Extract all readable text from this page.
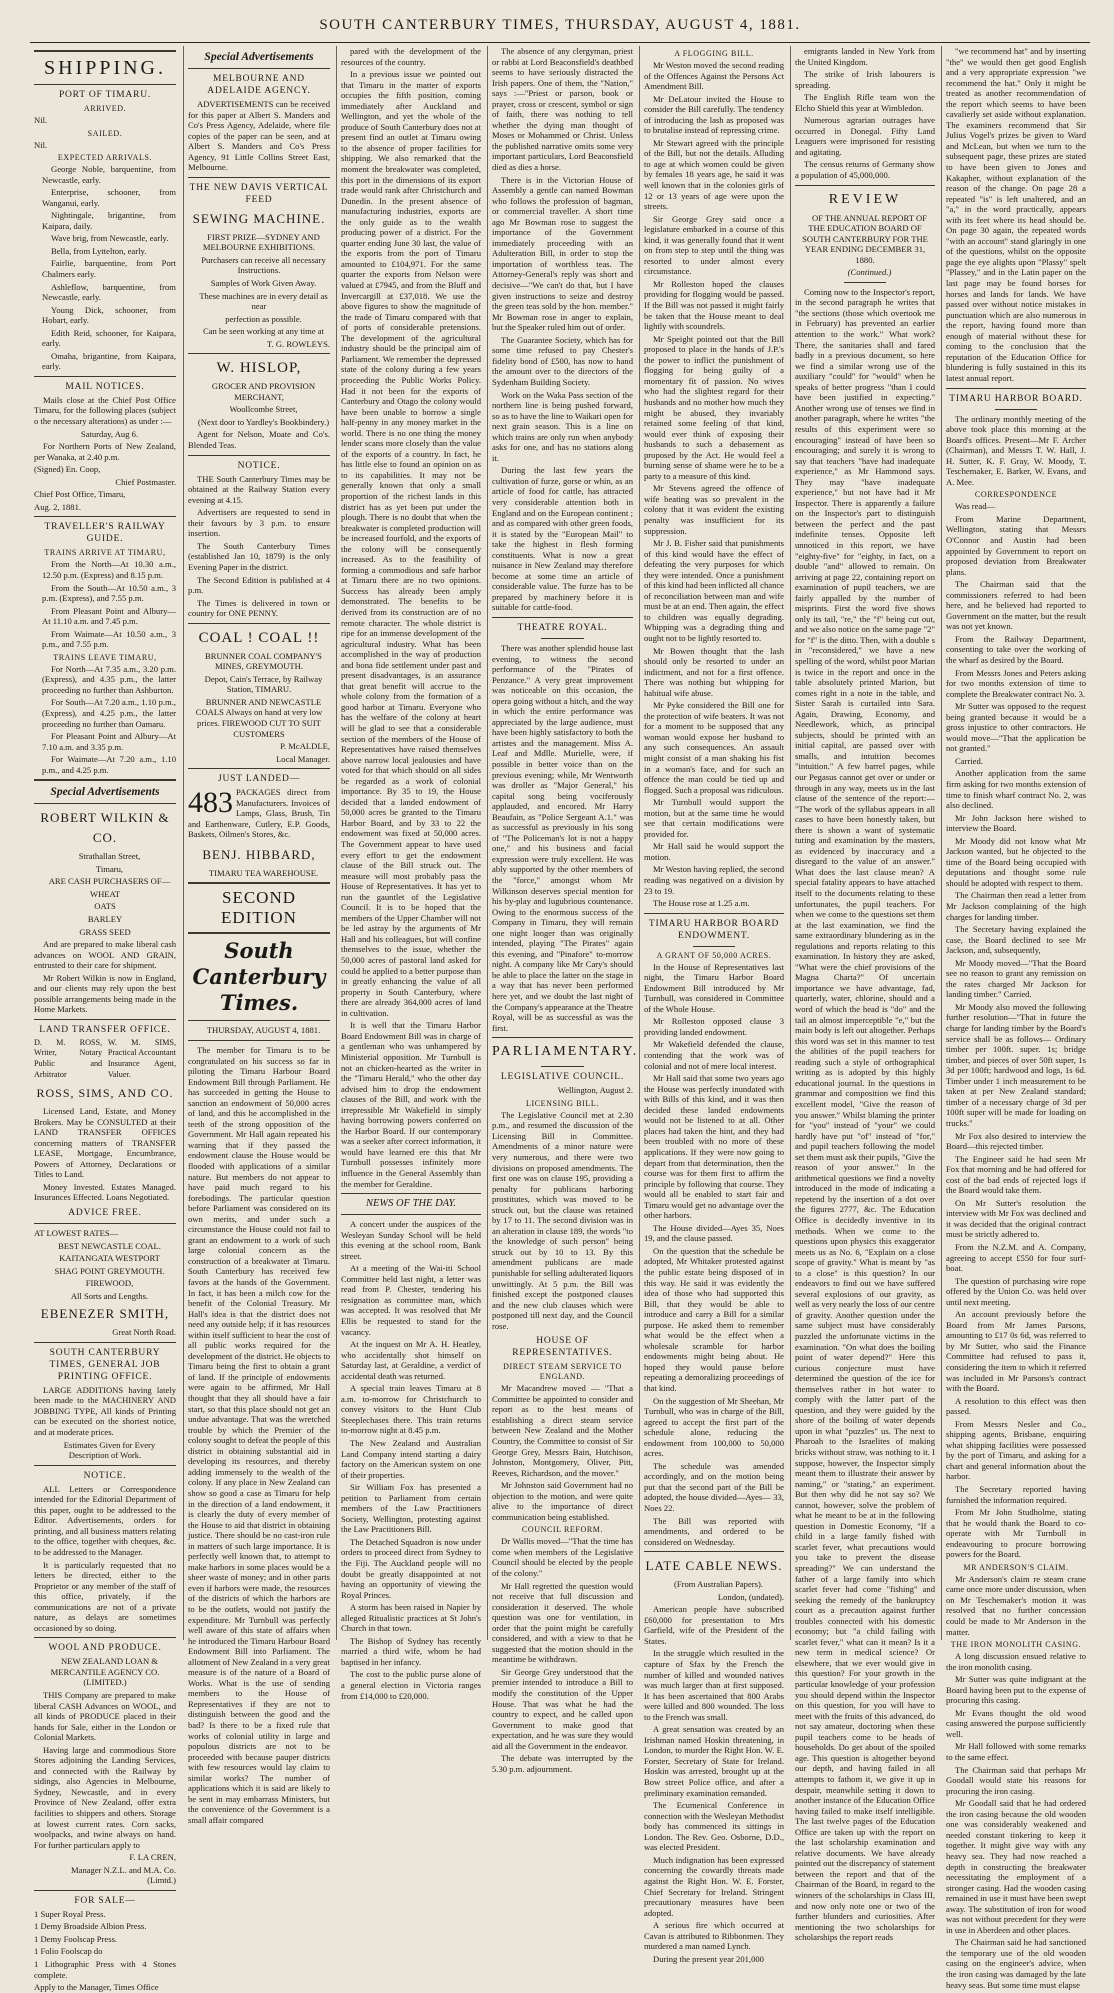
SOUTH CANTERBURY TIMES, THURSDAY, AUGUST 4, 1881.
SHIPPING.
PORT OF TIMARU.
ARRIVED.

Nil.

SAILED.

Nil.

EXPECTED ARRIVALS.

George Noble, barquentine, from Newcastle, early.

Enterprise, schooner, from Wanganui, early.

Nightingale, brigantine, from Kaipara, daily.

Wave brig, from Newcastle, early.

Bella, from Lyttelton, early.

Fairlie, barquentine, from Port Chalmers early.

Ashleflow, barquentine, from Newcastle, early.

Young Dick, schooner, from Hobart, early.

Edith Reid, schooner, for Kaipara, early.

Omaha, brigantine, from Kaipara, early.

MAIL NOTICES.

Mails close at the Chief Post Office Timaru, for the following places (subject o the necessary alterations) as under :—

Saturday, Aug 6.

For Northern Ports of New Zealand, per Wanaka, at 2.40 p.m.

(Signed) En. Coop,

Chief Postmaster.

Chief Post Office, Timaru,

Aug. 2, 1881.

TRAVELLER'S RAILWAY GUIDE.
TRAINS ARRIVE AT TIMARU,

From the North—At 10.30 a.m., 12.50 p.m. (Express) and 8.15 p.m.

From the South—At 10.50 a.m., 3 p.m. (Express), and 7.55 p.m.

From Pleasant Point and Albury—At 11.10 a.m. and 7.45 p.m.

From Waimate—At 10.50 a.m., 3 p.m., and 7.55 p.m.

TRAINS LEAVE TIMARU,

For North—At 7.35 a.m., 3.20 p.m. (Express), and 4.35 p.m., the latter proceeding no further than Ashburton.

For South—At 7.20 a.m., 1.10 p.m., (Express), and 4.25 p.m., the latter proceeding no further than Oamaru.

For Pleasant Point and Albury—At 7.10 a.m. and 3.35 p.m.

For Waimate—At 7.20 a.m., 1.10 p.m., and 4.25 p.m.

Special Advertisements
ROBERT WILKIN & CO.

Strathallan Street,

Timaru,

ARE CASH PURCHASERS OF—

WHEAT

OATS

BARLEY

GRASS SEED

And are prepared to make liberal cash advances on WOOL AND GRAIN, entrusted to their care for shipment.

Mr Robert Wilkin is now in England, and our clients may rely upon the best possible arrangements being made in the Home Markets.

LAND TRANSFER OFFICE.
D. M. ROSS, Writer, Notary Public and Arbitrator
W. M. SIMS, Practical Accountant Insurance Agent, Valuer.
ROSS, SIMS, AND CO.

Licensed Land, Estate, and Money Brokers. May be CONSULTED at their LAND TRANSFER OFFICES concerning matters of TRANSFER LEASE, Mortgage, Encumbrance, Powers of Attorney, Declarations or Titles to Land.

Money Invested. Estates Managed. Insurances Effected. Loans Negotiated.

ADVICE FREE.

AT LOWEST RATES—

BEST NEWCASTLE COAL.

KAITANGATA WESTPORT

SHAG POINT GREYMOUTH.

FIREWOOD,

All Sorts and Lengths.

EBENEZER SMITH,

Great North Road.

SOUTH CANTERBURY TIMES, GENERAL JOB PRINTING OFFICE.

LARGE ADDITIONS having lately been made to the MACHINERY AND JOBBING TYPE, All kinds of Printing can be executed on the shortest notice, and at moderate prices.

Estimates Given for Every Description of Work.

NOTICE.

ALL Letters or Correspondence intended for the Editorial Department of this paper, ought to be addressed to the Editor. Advertisements, orders for printing, and all business matters relating to the office, together with cheques, &c. to be addressed to the Manager.

It is particularly requested that no letters be directed, either to the Proprietor or any member of the staff of this office, privately, if the communications are not of a private nature, as delays are sometimes occasioned by so doing.

WOOL AND PRODUCE.

NEW ZEALAND LOAN & MERCANTILE AGENCY CO. (LIMITED.)

THIS Company are prepared to make liberal CASH Advances on WOOL, and all kinds of PRODUCE placed in their hands for Sale, either in the London or Colonial Markets.

Having large and commodious Store Stores adjoining the Landing Services, and connected with the Railway by sidings, also Agencies in Melbourne, Sydney, Newcastle, and in every Province of New Zealand, offer extra facilities to shippers and others. Storage at lowest current rates. Corn sacks, woolpacks, and twine always on hand. For further particulars apply to

F. LA CREN,

Manager N.Z.L. and M.A. Co. (Limtd.)

FOR SALE—

1 Super Royal Press.

1 Demy Broadside Albion Press.

1 Demy Foolscap Press.

1 Folio Foolscap do

1 Lithographic Press with 4 Stones complete.

Apply to the Manager, Times Office

Special Advertisements
MELBOURNE AND ADELAIDE AGENCY.

ADVERTISEMENTS can be received for this paper at Albert S. Manders and Co's Press Agency, Adelaide, where file copies of the paper can be seen, and at Albert S. Manders and Co's Press Agency, 91 Little Collins Street East, Melbourne.

THE NEW DAVIS VERTICAL FEED
SEWING MACHINE.

FIRST PRIZE—SYDNEY AND MELBOURNE EXHIBITIONS.

Purchasers can receive all necessary Instructions.

Samples of Work Given Away.

These machines are in every detail as near

perfection as possible.

Can be seen working at any time at

T. G. ROWLEYS.

W. HISLOP,

GROCER AND PROVISION MERCHANT,

Woollcombe Street,

(Next door to Yardley's Bookbindery.)

Agent for Nelson, Moate and Co's. Blended Teas.

NOTICE.

THE South Canterbury Times may be obtained at the Railway Station every evening at 4.15.

Advertisers are requested to send in their favours by 3 p.m. to ensure insertion.

The South Canterbury Times (established Jan 10, 1879) is the only Evening Paper in the district.

The Second Edition is published at 4 p.m.

The Times is delivered in town or country for ONE PENNY.

COAL ! COAL !!

BRUNNER COAL COMPANY'S MINES, GREYMOUTH.

Depot, Cain's Terrace, by Railway Station, TIMARU.

BRUNNER AND NEWCASTLE COALS Always on hand at very low prices. FIREWOOD CUT TO SUIT CUSTOMERS

P. McALDLE,

Local Manager.

JUST LANDED—

483 PACKAGES direct from Manufacturers. Invoices of Lamps, Glass, Brush, Tin and Earthenware, Cutlery, E.P. Goods, Baskets, Oilmen's Stores, &c.

BENJ. HIBBARD,

TIMARU TEA WAREHOUSE.

SECOND EDITION
South Canterbury Times.

THURSDAY, AUGUST 4, 1881.

The member for Timaru is to be congratulated on his success so far in piloting the Timaru Harbour Board Endowment Bill through Parliament. He has succeeded in getting the House to sanction an endowment of 50,000 acres of land, and this he accomplished in the teeth of the strong opposition of the Government. Mr Hall again repeated his warning that if they passed the endowment clause the House would be flooded with applications of a similar nature. But members do not appear to have paid much regard to his forebodings. The particular question before Parliament was considered on its own merits, and under such a circumstance the House could not fail to grant an endowment to a work of such large colonial concern as the construction of a breakwater at Timaru. South Canterbury has received few favors at the hands of the Government. In fact, it has been a milch cow for the benefit of the Colonial Treasury. Mr Hall's idea is that the district does not need any outside help; if it has resources within itself sufficient to bear the cost of all public works required for the development of the district. He objects to Timaru being the first to obtain a grant of land. If the principle of endowments were again to be affirmed, Mr Hall thought that they all should have a fair start, so that this place should not get an undue advantage. That was the wretched trouble by which the Premier of the colony sought to defeat the people of this district in obtaining substantial aid in developing its resources, and thereby adding immensely to the wealth of the colony. If any place in New Zealand can show so good a case as Timaru for help in the direction of a land endowment, it is clearly the duty of every member of the House to aid that district in obtaining justice. There should be no cast-iron rule in matters of such large importance. It is perfectly well known that, to attempt to make harbors in some places would be a sheer waste of money; and in other parts even if harbors were made, the resources of the districts of which the harbors are to be the outlets, would not justify the expenditure. Mr Turnbull was perfectly well aware of this state of affairs when he introduced the Timaru Harbour Board Endowment Bill into Parliament. The allotment of New Zealand in a very great measure is of the nature of a Board of Works. What is the use of sending members to the House of Representatives if they are not to distinguish between the good and the bad? Is there to be a fixed rule that works of colonial utility in large and populous districts are not to be proceeded with because pauper districts with few resources would lay claim to similar works? The number of applications which it is said are likely to be sent in may embarrass Ministers, but the convenience of the Government is a small affair compared

pared with the development of the resources of the country.

In a previous issue we pointed out that Timaru in the matter of exports occupies the fifth position, coming immediately after Auckland and Wellington, and yet the whole of the produce of South Canterbury does not at present find an outlet at Timaru owing to the absence of proper facilities for shipping. We also remarked that the moment the breakwater was completed, this port in the dimensions of its export trade would rank after Christchurch and Dunedin. In the present absence of manufacturing industries, exports are the only guide as to the wealth producing power of a district. For the quarter ending June 30 last, the value of the exports from the port of Timaru amounted to £104,971. For the same quarter the exports from Nelson were valued at £7945, and from the Bluff and Invercargill at £37,018. We use the above figures to show the magnitude of the trade of Timaru compared with that of ports of considerable pretensions. The development of the agricultural industry should be the principal aim of Parliament. We remember the depressed state of the colony during a few years proceeding the Public Works Policy. Had it not been for the exports of Canterbury and Otago the colony would have been unable to borrow a single half-penny in any money market in the world. There is no one thing the money lender scans more closely than the value of the exports of a country. In fact, he has little else to found an opinion on as to its capabilities. It may not be generally known that only a small proportion of the richest lands in this district has as yet been put under the plough. There is no doubt that when the breakwater is completed production will be increased fourfold, and the exports of the colony will be consequently increased. As to the feasibility of forming a commodious and safe harbor at Timaru there are no two opinions. Success has already been amply demonstrated. The benefits to be derived from its construction are of no remote character. The whole district is ripe for an immense development of the agricultural industry. What has been accomplished in the way of production and bona fide settlement under past and present disadvantages, is an assurance that great benefit will accrue to the whole colony from the formation of a good harbor at Timaru. Everyone who has the welfare of the colony at heart will be glad to see that a considerable section of the members of the House of Representatives have raised themselves above narrow local jealousies and have voted for that which should on all sides be regarded as a work of colonial importance. By 35 to 19, the House decided that a landed endowment of 50,000 acres be granted to the Timaru Harbor Board, and by 33 to 22 the endowment was fixed at 50,000 acres. The Government appear to have used every effort to get the endowment clause of the Bill struck out. The measure will most probably pass the House of Representatives. It has yet to run the gauntlet of the Legislative Council. It is to be hoped that the members of the Upper Chamber will not be led astray by the arguments of Mr Hall and his colleagues, but will confine themselves to the issue, whether the 50,000 acres of pastoral land asked for could be applied to a better purpose than in greatly enhancing the value of all property in South Canterbury, where there are already 364,000 acres of land in cultivation.

It is well that the Timaru Harbor Board Endowment Bill was in charge of a gentleman who was unhampered by Ministerial opposition. Mr Turnbull is not an chicken-hearted as the writer in the "Timaru Herald," who the other day advised him to drop the endowment clauses of the Bill, and work with the irrepressible Mr Wakefield in simply having borrowing powers conferred on the Harbor Board. If our contemporary was a seeker after correct information, it would have learned ere this that Mr Turnbull possesses infinitely more influence in the General Assembly than the member for Geraldine.

NEWS OF THE DAY.

A concert under the auspices of the Wesleyan Sunday School will be held this evening at the school room, Bank street.

At a meeting of the Wai-iti School Committee held last night, a letter was read from P. Chester, tendering his resignation as committee man, which was accepted. It was resolved that Mr Ellis be requested to stand for the vacancy.

At the inquest on Mr A. H. Heatley, who accidentally shot himself on Saturday last, at Geraldine, a verdict of accidental death was returned.

A special train leaves Timaru at 8 a.m. to-morrow for Christchurch to convey visitors to the Hunt Club Steeplechases there. This train returns to-morrow night at 8.45 p.m.

The New Zealand and Australian Land Company intend starting a dairy factory on the American system on one of their properties.

Sir William Fox has presented a petition to Parliament from certain members of the Law Practitioners Society, Wellington, protesting against the Law Practitioners Bill.

The Detached Squadron is now under orders to proceed direct from Sydney to the Fiji. The Auckland people will no doubt be greatly disappointed at not having an opportunity of viewing the Royal Princes.

A storm has been raised in Napier by alleged Ritualistic practices at St John's Church in that town.

The Bishop of Sydney has recently married a third wife, whom he had baptised in her infancy.

The cost to the public purse alone of a general election in Victoria ranges from £14,000 to £20,000.

The absence of any clergyman, priest or rabbi at Lord Beaconsfield's deathbed seems to have seriously distracted the Irish papers. One of them, the "Nation," says :—"Priest or parson, book or prayer, cross or crescent, symbol or sign of faith, there was nothing to tell whether the dying man thought of Moses or Mohammed or Christ. Unless the published narrative omits some very important particulars, Lord Beaconsfield died as dies a horse.

There is in the Victorian House of Assembly a gentle can named Bowman who follows the profession of bagman, or commercial traveller. A short time ago Mr Bowman rose to suggest the importance of the Government immediately proceeding with an Adulteration Bill, in order to stop the importation of worthless teas. The Attorney-General's reply was short and decisive—"We can't do that, but I have given instructions to seize and destroy the green teas sold by the hon. member." Mr Bowman rose in anger to explain, but the Speaker ruled him out of order.

The Guarantee Society, which has for some time refused to pay Chester's fidelity bond of £500, has now to hand the amount over to the directors of the Sydenham Building Society.

Work on the Waka Pass section of the northern line is being pushed forward, so as to have the line to Waikari open for next grain season. This is a line on which trains are only run when anybody asks for one, and has no stations along it.

During the last few years the cultivation of furze, gorse or whin, as an article of food for cattle, has attracted very considerable attention both in England and on the European continent ; and as compared with other green foods, it is stated by the "European Mail" to take the highest in flesh forming constituents. What is now a great nuisance in New Zealand may therefore become at some time an article of considerable value. The furze has to be prepared by machinery before it is suitable for cattle-food.

THEATRE ROYAL.

There was another splendid house last evening, to witness the second performance of the "Pirates of Penzance." A very great improvement was noticeable on this occasion, the opera going without a hitch, and the way in which the entire performance was appreciated by the large audience, must have been highly satisfactory to both the artistes and the management. Miss A. Leaf and Mdlle. Murielle, were, if possible in better voice than on the previous evening; while, Mr Wentworth was droller as "Major General," his capital song being vociferously applauded, and encored. Mr Harry Beaufain, as "Police Sergeant A.1." was as successful as previously in his song of "The Policeman's lot is not a happy one," and his business and facial expression were truly excellent. He was ably supported by the other members of the "force," amongst whom Mr Wilkinson deserves special mention for his by-play and lugubrious countenance. Owing to the enormous success of the Company in Timaru, they will remain one night longer than was originally intended, playing "The Pirates" again this evening, and "Pinafore" to-morrow night. A company like Mr Cary's should be able to place the latter on the stage in a way that has never been performed here yet, and we doubt the last night of the Company's appearance at the Theatre Royal, will be as successful as was the first.

PARLIAMENTARY.
LEGISLATIVE COUNCIL.

Wellington, August 2.

LICENSING BILL.

The Legislative Council met at 2.30 p.m., and resumed the discussion of the Licensing Bill in Committee. Amendments of a minor nature were very numerous, and there were two divisions on proposed amendments. The first one was on clause 195, providing a penalty for publicans harboring prostitutes, which was moved to be struck out, but the clause was retained by 17 to 11. The second division was in an alteration in clause 189, the words "to the knowledge of such person" being struck out by 10 to 13. By this amendment publicans are made punishable for selling adulterated liquors unwittingly. At 5 p.m. the Bill was finished except the postponed clauses and the new club clauses which were postponed till next day, and the Council rose.

HOUSE OF REPRESENTATIVES.
DIRECT STEAM SERVICE TO ENGLAND.

Mr Macandrew moved — "That a Committee be appointed to consider and report as to the best means of establishing a direct steam service between New Zealand and the Mother Country, the Committee to consist of Sir George Grey, Messrs Bain, Hutchison, Johnston, Montgomery, Oliver, Pitt, Reeves, Richardson, and the mover."

Mr Johnston said Government had no objection to the motion, and were quite alive to the importance of direct communication being established.

COUNCIL REFORM.

Dr Wallis moved—"That the time has come when members of the Legislative Council should be elected by the people of the colony."

Mr Hall regretted the question would not receive that full discussion and consideration it deserved. The whole question was one for ventilation, in order that the point might be carefully considered, and with a view to that he suggested that the motion should in the meantime be withdrawn.

Sir George Grey understood that the premier intended to introduce a Bill to modify the constitution of the Upper House. That was what he had the country to expect, and he called upon Government to make good that expectation, and he was sure they would aid all the Government in the endeavor.

The debate was interrupted by the 5.30 p.m. adjournment.

A FLOGGING BILL.

Mr Weston moved the second reading of the Offences Against the Persons Act Amendment Bill.

Mr DeLatour invited the House to consider the Bill carefully. The tendency of introducing the lash as proposed was to brutalise instead of repressing crime.

Mr Stewart agreed with the principle of the Bill, but not the details. Alluding to age at which women could be given by females 18 years age, he said it was well known that in the colonies girls of 12 or 13 years of age were upon the streets.

Sir George Grey said once a legislature embarked in a course of this kind, it was generally found that it went on from step to step until the thing was resorted to under almost every circumstance.

Mr Rolleston hoped the clauses providing for flogging would be passed. If the Bill was not passed it might fairly be taken that the House meant to deal lightly with scoundrels.

Mr Speight pointed out that the Bill proposed to place in the hands of J.P.'s the power to inflict the punishment of flogging for being guilty of a momentary fit of passion. No wives who had the slightest regard for their husbands and no mother how much they might be abused, they invariably retained some feeling of that kind, would ever think of exposing their husbands to such a debasement as proposed by the Act. He would feel a burning sense of shame were he to be a party to a measure of this kind.

Mr Stevens agreed the offence of wife beating was so prevalent in the colony that it was evident the existing penalty was insufficient for its suppression.

Mr J. B. Fisher said that punishments of this kind would have the effect of defeating the very purposes for which they were intended. Once a punishment of this kind had been inflicted all chance of reconciliation between man and wife must be at an end. Then again, the effect to children was equally degrading. Whipping was a degrading thing and ought not to be lightly resorted to.

Mr Bowen thought that the lash should only be resorted to under an indictment, and not for a first offence. There was nothing but whipping for habitual wife abuse.

Mr Pyke considered the Bill one for the protection of wife beaters. It was not for a moment to be supposed that any woman would expose her husband to any such consequences. An assault might consist of a man shaking his fist in a woman's face, and for such an offence the man could be tied up and flogged. Such a proposal was ridiculous.

Mr Turnbull would support the motion, but at the same time he would see that certain modifications were provided for.

Mr Hall said he would support the motion.

Mr Weston having replied, the second reading was negatived on a division by 23 to 19.

The House rose at 1.25 a.m.

TIMARU HARBOR BOARD ENDOWMENT.
A GRANT OF 50,000 ACRES.

In the House of Representatives last night, the Timaru Harbor Board Endowment Bill introduced by Mr Turnbull, was considered in Committee of the Whole House.

Mr Rolleston opposed clause 3 providing landed endowment.

Mr Wakefield defended the clause, contending that the work was of colonial and not of mere local interest.

Mr Hall said that some two years ago the House was perfectly inundated with with Bills of this kind, and it was then decided these landed endowments would not be listened to at all. Other places had taken the hint, and they had been troubled with no more of these applications. If they were now going to depart from that determination, then the course was for them first to affirm the principle by following that course. They would all be enabled to start fair and Timaru would get no advantage over the other harbors.

The House divided—Ayes 35, Noes 19, and the clause passed.

On the question that the schedule be adopted, Mr Whitaker protested against the public estate being disposed of in this way. He said it was evidently the idea of those who had supported this Bill, that they would be able to introduce and carry a Bill for a similar purpose. He asked them to remember what would be the effect when a wholesale scramble for harbor endowments might being about. He hoped they would pause before repeating a demoralizing proceedings of that kind.

On the suggestion of Mr Sheehan, Mr Turnbull, who was in charge of the Bill, agreed to accept the first part of the schedule alone, reducing the endowment from 100,000 to 50,000 acres.

The schedule was amended accordingly, and on the motion being put that the second part of the Bill be adopted, the house divided—Ayes— 33, Noes 22.

The Bill was reported with amendments, and ordered to be considered on Wednesday.

LATE CABLE NEWS.

(From Australian Papers).

London, (undated).

American people have subscribed £60,000 for presentation to Mrs Garfield, wife of the President of the States.

In the struggle which resulted in the capture of Sfax by the French the number of killed and wounded natives was much larger than at first supposed. It has been ascertained that 800 Arabs were killed and 800 wounded. The loss to the French was small.

A great sensation was created by an Irishman named Hoskin threatening, in London, to murder the Right Hon. W. E. Forster, Secretary of State for Ireland. Hoskin was arrested, brought up at the Bow street Police office, and after a preliminary examination remanded.

The Ecumenical Conference in connection with the Wesleyan Methodist body has commenced its sittings in London. The Rev. Geo. Osborne, D.D., was elected President.

Much indignation has been expressed concerning the cowardly threats made against the Right Hon. W. E. Forster, Chief Secretary for Ireland. Stringent precautionary measures have been adopted.

A serious fire which occurred at Cavan is attributed to Ribbonmen. They murdered a man named Lynch.

During the present year 201,000

emigrants landed in New York from the United Kingdom.

The strike of Irish labourers is spreading.

The English Rifle team won the Elcho Shield this year at Wimbledon.

Numerous agrarian outrages have occurred in Donegal. Fifty Land Leaguers were imprisoned for resisting and agitating.

The census returns of Germany show a population of 45,000,000.

REVIEW

OF THE ANNUAL REPORT OF THE EDUCATION BOARD OF SOUTH CANTERBURY FOR THE YEAR ENDING DECEMBER 31, 1880.

(Continued.)

Coming now to the Inspector's report, in the second paragraph he writes that "the sections (those which overtook me in February) has prevented an earlier attention to the work." What work? There, the sanitaries shall and fared badly in a previous document, so here we find a similar wrong use of the auxiliary "could" for "would" when he speaks of better progress "than I could have been justified in expecting." Another wrong use of tenses we find in another paragraph, where he writes "the results of this experiment were so encouraging" instead of have been so encouraging; and surely it is wrong to say that teachers "have had inadequate experience," as Mr Hammond says. They may "have inadequate experience," but not have had it Mr Inspector. There is apparently a failure on the Inspector's part to distinguish between the perfect and the past indefinite tenses. Opposite left unnoticed in this report, we have "eighty-five" for "eighty, in fact, on a double "and" allowed to remain. On arriving at page 22, containing report on examination of pupil teachers, we are fairly appalled by the number of misprints. First the word five shows only its tail, "re," the "f" being cut out, and we also notice on the same page "2" for "f" is the ditto. Then, with a double s in "reconsidered," we have a new spelling of the word, whilst poor Marian is twice in the report and once in the table absolutely printed Marion, but comes right in a note in the table, and Sister Sarah is curtailed into Sara. Again, Drawing, Economy, and Needlework, which, as principal subjects, should be printed with an initial capital, are passed over with smalls, and intuition becomes "intuition." A few barrel pages, while our Pegasus cannot get over or under or through in any way, meets us in the last clause of the sentence of the report:— "The work of the syllabus appears in all cases to have been honestly taken, but there is shown a want of systematic tuting and examination by the masters, as evidenced by inaccuracy and a disregard to the value of an answer." What does the last clause mean? A special fatality appears to have attached itself to the documents relating to these unfortunates, the pupil teachers. For when we come to the questions set them at the last examination, we find the same extraordinary blundering as in the regulations and reports relating to this examination. In history they are asked, "What were the chief provisions of the Magna Charta?" Of uncertain importance we have advantage, fad, quarterly, water, chlorine, should and a word of which the head is "do" and the tail an almost imperceptible "e," but the main body is left out altogether. Perhaps this word was set in this manner to test the abilities of the pupil teachers for reading such a style of orthographical writing as is adopted by this highly educational journal. In the questions in grammar and composition we find this excellent model, "Give the reason of you answer." Whilst blaming the printer for "you" instead of "your" we could hardly have put "of" instead of "for," and pupil teachers following the model set them must ask their pupils, "Give the reason of your answer." In the arithmetical questions we find a novelty introduced in the mode of indicating a repetend by the insertion of a dot over the figures 2777, &c. The Education Office is decidedly inventive in its methods. When we come to the questions upon physics this exaggerator meets us as No. 6, "Explain on a close scope of gravity." What is meant by "as to a close" is this question? In our endeavors to find out we have suffered several explosions of our gravity, as well as very nearly the loss of our centre of gravity. Another question under the same subject must have considerably puzzled the unfortunate victims in the examination. "On what does the boiling point of water depend?" Here this curious conjecture must have determined the question of the ice for themselves rather in hot water to comply with the latter part of the question, and they were guided by the shore of the boiling of water depends upon in what "puzzles" us. The next to Pharoah to the Israelites of making bricks without straw, was nothing to it. I suppose, however, the Inspector simply meant them to illustrate their answer by naming," or "stating," an experiment. But then why did he not say so? We cannot, however, solve the problem of what he meant to be at in the following question in Domestic Economy, "If a child in a large family fished with scarlet fever, what precautions would you take to prevent the disease spreading?" We can understand the father of a large family into which scarlet fever had come "fishing" and seeking the remedy of the bankruptcy court as a precaution against further troubles connected with his domestic economy; but "a child failing with scarlet fever," what can it mean? Is it a new term in medical science? Or elsewhere, that we ever would give in this question? For your growth in the particular knowledge of your profession you should depend within the Inspector on this question, for you will have to meet with the fruits of this advanced, do not say amateur, doctoring when these pupil teachers come to be heads of households. Do get about of the spoiled age. This question is altogether beyond our depth, and having failed in all attempts to fathom it, we give it up in despair, meanwhile setting it down to another instance of the Education Office having failed to make itself intelligible. The last twelve pages of the Education Office are taken up with the report on the last scholarship examination and relative documents. We have already pointed out the discrepancy of statement between the report and that of the Chairman of the Board, in regard to the winners of the scholarships in Class III, and now only note one or two of the further blunders and curiosities. After mentioning the two scholarships for scholarships the report reads

"we recommend hat" and by inserting "the" we would then get good English and a very appropriate expression "we recommend the hat." Only it might be treated as another recommendation of the report which seems to have been cavalierly set aside without explanation. The examiners recommend that Sir Julius Vogel's prizes be given to Ward and McLean, but when we turn to the subsequent page, these prizes are stated to have been given to Jones and Kakapher, without explanation of the reason of the change. On page 28 a repeated "is" is left unaltered, and an "a," in the word practically, appears with its feet where its head should be. On page 30 again, the repeated words "with an account" stand glaringly in one of the questions, whilst on the opposite page the eye alights upon "Plassy" spelt "Plassey," and in the Latin paper on the last page may be found horses for horses and lands for lands. We have passed over without notice mistakes in punctuation which are also numerous in the report, having found more than enough of material without these for coming to the conclusion that the reputation of the Education Office for blundering is fully sustained in this its latest annual report.

TIMARU HARBOR BOARD.

The ordinary monthly meeting of the above took place this morning at the Board's offices. Present—Mr F. Archer (Chairman), and Messrs T. W. Hall, J. H. Sutter, K. F. Gray, W. Moody, T. Teschemaker, E. Barker, W. Evans, and A. Mee.

CORRESPONDENCE

Was read—

From Marine Department, Wellington, stating that Messrs O'Connor and Austin had been appointed by Government to report on proposed deviation from Breakwater plans.

The Chairman said that the commissioners referred to had been here, and he believed had reported to Government on the matter, but the result was not yet known.

From the Railway Department, consenting to take over the working of the wharf as desired by the Board.

From Messrs Jones and Peters asking for two months extension of time to complete the Breakwater contract No. 3.

Mr Sutter was opposed to the request being granted because it would be a gross injustice to other contractors. He would move—"That the application be not granted."

Carried.

Another application from the same firm asking for two months extension of time to finish wharf contract No. 2, was also declined.

Mr John Jackson here wished to interview the Board.

Mr Moody did not know what Mr Jackson wanted, but he objected to the time of the Board being occupied with deputations and thought some rule should be adopted with respect to them.

The Chairman then read a letter from Mr Jackson complaining of the high charges for landing timber.

The Secretary having explained the case, the Board declined to see Mr Jackson, and, subsequently,

Mr Moody moved—"That the Board see no reason to grant any remission on the rates charged Mr Jackson for landing timber." Carried.

Mr Moody also moved the following further resolution—"That in future the charge for landing timber by the Board's service shall be as follows— Ordinary timber per 100ft. super. 1s; bridge timber, and pieces of over 50ft super, 1s 3d per 100ft; hardwood and logs, 1s 6d. Timber under 1 inch measurement to be taken at per New Zealand standard; timber of a necessary charge of 3d per 100ft super will be made for loading on trucks."

Mr Fox also desired to interview the Board—this rejected timber.

The Engineer said he had seen Mr Fox that morning and he had offered for cost of the bad ends of rejected logs if the Board would take them.

On Mr Sutter's resolution the interview with Mr Fox was declined and it was decided that the original contract must be strictly adhered to.

From the N.Z.M. and A. Company, agreeing to accept £550 for four surf-boat.

The question of purchasing wire rope offered by the Union Co. was held over until next meeting.

An account previously before the Board from Mr James Parsons, amounting to £17 0s 6d, was referred to by Mr Sutter, who said the Finance Committee had refused to pass it, considering the item to which it referred was included in Mr Parsons's contract with the Board.

A resolution to this effect was then passed.

From Messrs Nesler and Co., shipping agents, Brisbane, enquiring what shipping facilities were possessed by the port of Timaru, and asking for a chart and general information about the harbor.

The Secretary reported having furnished the information required.

From Mr John Studholme, stating that he would thank the Board to co-operate with Mr Turnbull in endeavouring to procure borrowing powers for the Board.

MR ANDERSON'S CLAIM.

Mr Anderson's claim re steam crane came once more under discussion, when on Mr Teschemaker's motion it was resolved that no further concession could be made to Mr Anderson in the matter.

THE IRON MONOLITH CASING.

A long discussion ensued relative to the iron monolith casing.

Mr Sutter was quite indignant at the Board having been put to the expense of procuring this casing.

Mr Evans thought the old wood casing answered the purpose sufficiently well.

Mr Hall followed with some remarks to the same effect.

The Chairman said that perhaps Mr Goodall would state his reasons for procuring the iron casing.

Mr Goodall said that he had ordered the iron casing because the old wooden one was considerably weakened and needed constant tinkering to keep it together. It might give way with any heavy sea. They had now reached a depth in constructing the breakwater necessitating the employment of a stronger casing. Had the wooden casing remained in use it must have been swept away. The substitution of iron for wood was not without precedent for they were in use in Aberdeen and other places.

The Chairman said he had sanctioned the temporary use of the old wooden casing on the engineer's advice, when the iron casing was damaged by the late heavy seas. But some time must elapse
